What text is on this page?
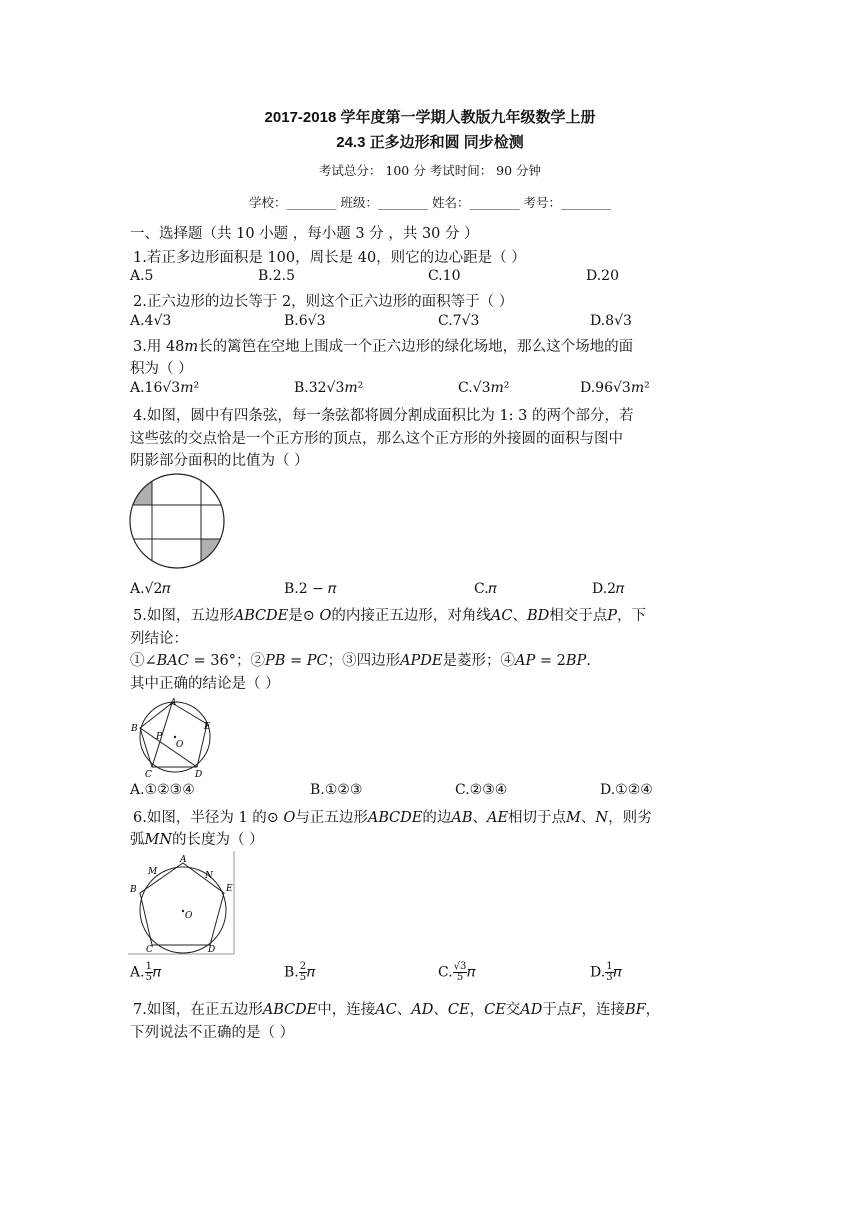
2017-2018 学年度第一学期人教版九年级数学上册
24.3 正多边形和圆 同步检测
考试总分： 100 分 考试时间： 90 分钟
学校：________ 班级：________ 姓名：________ 考号：________
一、选择题（共 10 小题 ，每小题 3 分 ，共 30 分 ）
1.若正多边形面积是 100，周长是 40，则它的边心距是（ ）
A.5	B.2.5	C.10	D.20
2.正六边形的边长等于 2，则这个正六边形的面积等于（ ）
A.4√3	B.6√3	C.7√3	D.8√3
3.用 48𝑚长的篱笆在空地上围成一个正六边形的绿化场地，那么这个场地的面
积为（ ）
A.16√3𝑚²	B.32√3𝑚²	C.√3𝑚²	D.96√3𝑚²
4.如图，圆中有四条弦，每一条弦都将圆分割成面积比为 1: 3 的两个部分，若
这些弦的交点恰是一个正方形的顶点，那么这个正方形的外接圆的面积与图中
阴影部分面积的比值为（ ）
A.√2𝜋	B.2 − 𝜋	C.𝜋	D.2𝜋
5.如图，五边形𝐴𝐵𝐶𝐷𝐸是⊙ 𝑂的内接正五边形，对角线𝐴𝐶、𝐵𝐷相交于点𝑃，下
列结论：
①∠𝐵𝐴𝐶 = 36°；②𝑃𝐵 = 𝑃𝐶；③四边形𝐴𝑃𝐷𝐸是菱形；④𝐴𝑃 = 2𝐵𝑃.
其中正确的结论是（ ）
A
B
C	D
E
P
O
A.①②③④	B.①②③	C.②③④	D.①②④
6.如图，半径为 1 的⊙ 𝑂与正五边形𝐴𝐵𝐶𝐷𝐸的边𝐴𝐵、𝐴𝐸相切于点𝑀、𝑁，则劣
弧𝑀𝑁的长度为（ ）
A
M	N
B	E
O
C	D
A. $\frac{1}{5}$ 𝜋	B. $\frac{2}{5}$ 𝜋	C. $\frac{√3}{5}$ 𝜋	D. $\frac{1}{3}$ 𝜋
7.如图，在正五边形𝐴𝐵𝐶𝐷𝐸中，连接𝐴𝐶、𝐴𝐷、𝐶𝐸，𝐶𝐸交𝐴𝐷于点𝐹，连接𝐵𝐹，
下列说法不正确的是（ ）
